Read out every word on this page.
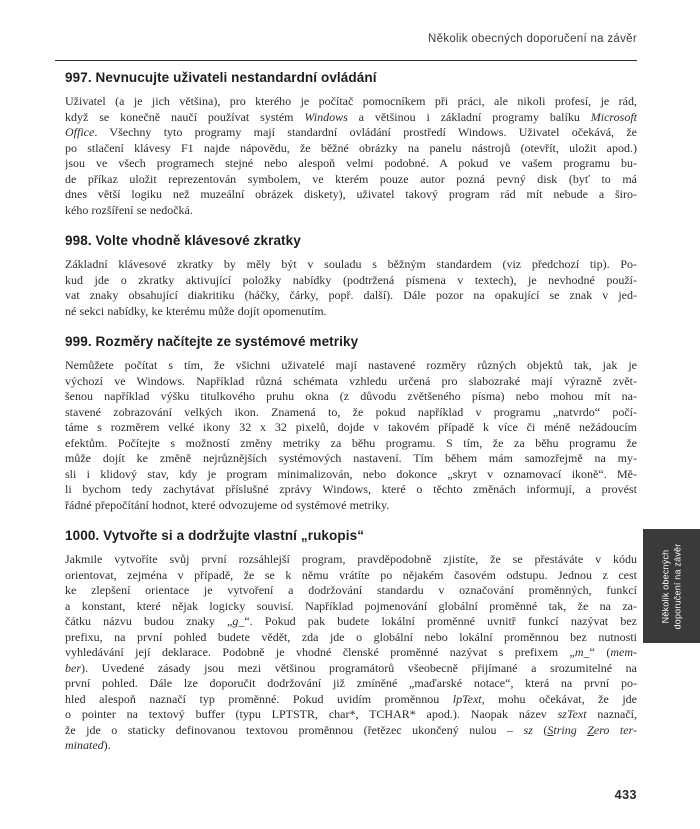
Několik obecných doporučení na závěr
997. Nevnucujte uživateli nestandardní ovládání
Uživatel (a je jich většina), pro kterého je počítač pomocníkem při práci, ale nikoli profesí, je rád,
když se konečně naučí používat systém Windows a většinou i základní programy balíku Microsoft
Office. Všechny tyto programy mají standardní ovládání prostředí Windows. Uživatel očekává, že
po stlačení klávesy F1 najde nápovědu, že běžné obrázky na panelu nástrojů (otevřít, uložit apod.)
jsou ve všech programech stejné nebo alespoň velmi podobné. A pokud ve vašem programu bu-
de příkaz uložit reprezentován symbolem, ve kterém pouze autor pozná pevný disk (byť to má
dnes větší logiku než muzeální obrázek diskety), uživatel takový program rád mít nebude a širo-
kého rozšíření se nedočká.
998. Volte vhodně klávesové zkratky
Základní klávesové zkratky by měly být v souladu s běžným standardem (viz předchozí tip). Po-
kud jde o zkratky aktivující položky nabídky (podtržená písmena v textech), je nevhodné použí-
vat znaky obsahující diakritiku (háčky, čárky, popř. další). Dále pozor na opakující se znak v jed-
né sekci nabídky, ke kterému může dojít opomenutím.
999. Rozměry načítejte ze systémové metriky
Nemůžete počítat s tím, že všichni uživatelé mají nastavené rozměry různých objektů tak, jak je
výchozí ve Windows. Například různá schémata vzhledu určená pro slabozraké mají výrazně zvět-
šenou například výšku titulkového pruhu okna (z důvodu zvětšeného písma) nebo mohou mít na-
stavené zobrazování velkých ikon. Znamená to, že pokud například v programu „natvrdo“ počí-
táme s rozměrem velké ikony 32 x 32 pixelů, dojde v takovém případě k více či méně nežádoucím
efektům. Počítejte s možností změny metriky za běhu programu. S tím, že za běhu programu že
může dojít ke změně nejrůznějších systémových nastavení. Tím během mám samozřejmě na my-
sli i klidový stav, kdy je program minimalizován, nebo dokonce „skryt v oznamovací ikoně“. Mě-
li bychom tedy zachytávat příslušné zprávy Windows, které o těchto změnách informují, a provést
řádné přepočítání hodnot, které odvozujeme od systémové metriky.
1000. Vytvořte si a dodržujte vlastní „rukopis“
Jakmile vytvoříte svůj první rozsáhlejší program, pravděpodobně zjistíte, že se přestáváte v kódu
orientovat, zejména v případě, že se k němu vrátíte po nějakém časovém odstupu. Jednou z cest
ke zlepšení orientace je vytvoření a dodržování standardu v označování proměnných, funkcí
a konstant, které nějak logicky souvisí. Například pojmenování globální proměnné tak, že na za-
čátku názvu budou znaky „g_“. Pokud pak budete lokální proměnné uvnitř funkcí nazývat bez
prefixu, na první pohled budete vědět, zda jde o globální nebo lokální proměnnou bez nutnosti
vyhledávání její deklarace. Podobně je vhodné členské proměnné nazývat s prefixem „m_“ (mem-
ber). Uvedené zásady jsou mezi většinou programátorů všeobecně přijímané a srozumitelné na
první pohled. Dále lze doporučit dodržování již zmíněné „maďarské notace“, která na první po-
hled alespoň naznačí typ proměnné. Pokud uvidím proměnnou lpText, mohu očekávat, že jde
o pointer na textový buffer (typu LPTSTR, char*, TCHAR* apod.). Naopak název szText naznačí,
že jde o staticky definovanou textovou proměnnou (řetězec ukončený nulou – sz (String Zero ter-
minated).
Několik obecných doporučení na závěr
433
